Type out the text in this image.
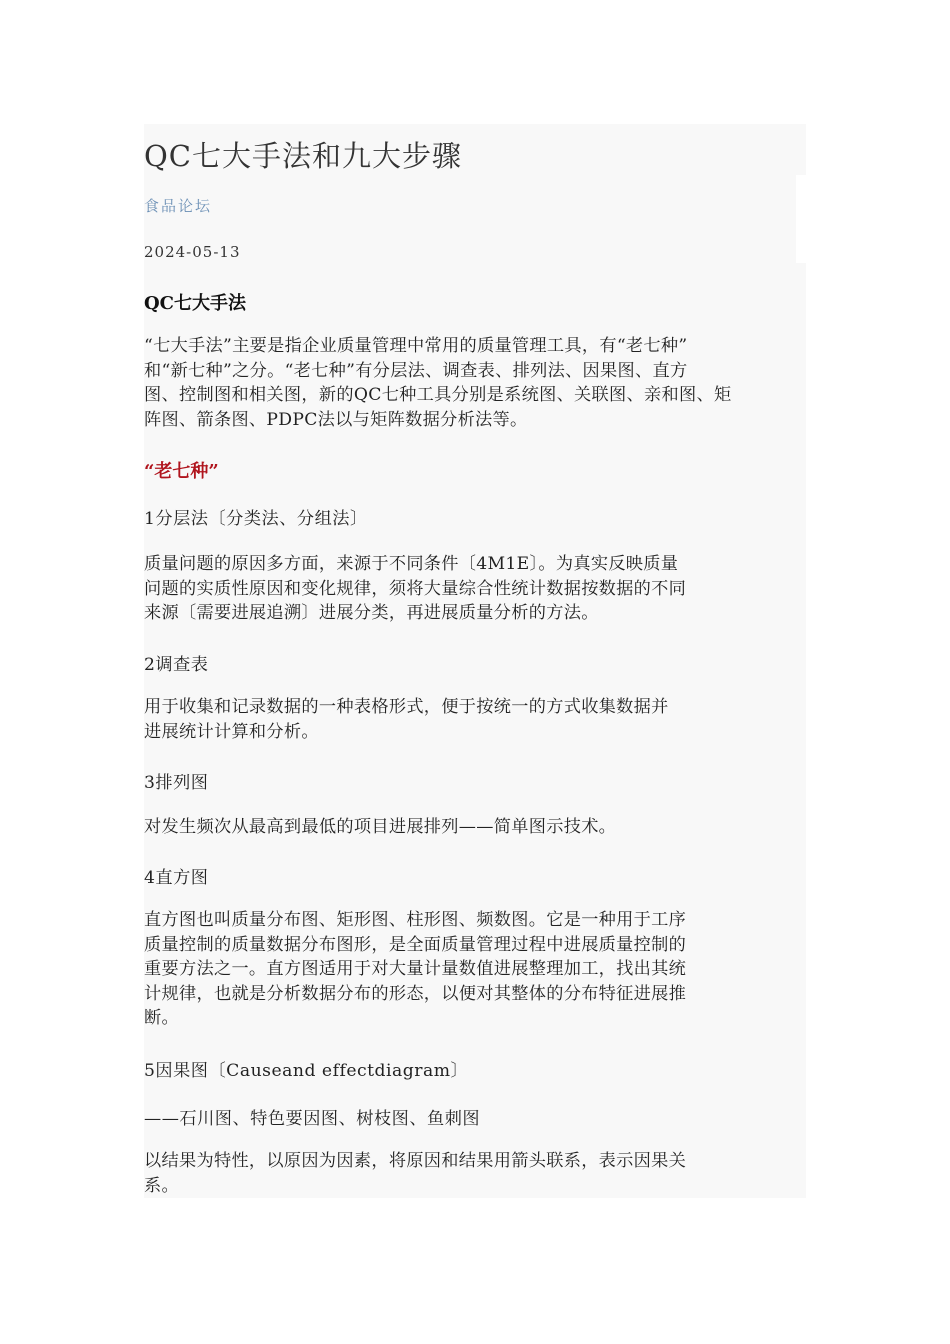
QC七大手法和九大步骤
食品论坛
2024-05-13
QC七大手法
“七大手法”主要是指企业质量管理中常用的质量管理工具，有“老七种”
和“新七种”之分。“老七种”有分层法、调查表、排列法、因果图、直方
图、控制图和相关图，新的QC七种工具分别是系统图、关联图、亲和图、矩
阵图、箭条图、PDPC法以与矩阵数据分析法等。
“老七种”
1分层法〔分类法、分组法〕
质量问题的原因多方面，来源于不同条件〔4M1E〕。为真实反映质量
问题的实质性原因和变化规律，须将大量综合性统计数据按数据的不同
来源〔需要进展追溯〕进展分类，再进展质量分析的方法。
2调查表
用于收集和记录数据的一种表格形式，便于按统一的方式收集数据并
进展统计计算和分析。
3排列图
对发生频次从最高到最低的项目进展排列——简单图示技术。
4直方图
直方图也叫质量分布图、矩形图、柱形图、频数图。它是一种用于工序
质量控制的质量数据分布图形，是全面质量管理过程中进展质量控制的
重要方法之一。直方图适用于对大量计量数值进展整理加工，找出其统
计规律，也就是分析数据分布的形态，以便对其整体的分布特征进展推
断。
5因果图〔Causeand effectdiagram〕
——石川图、特色要因图、树枝图、鱼刺图
以结果为特性，以原因为因素，将原因和结果用箭头联系，表示因果关
系。
